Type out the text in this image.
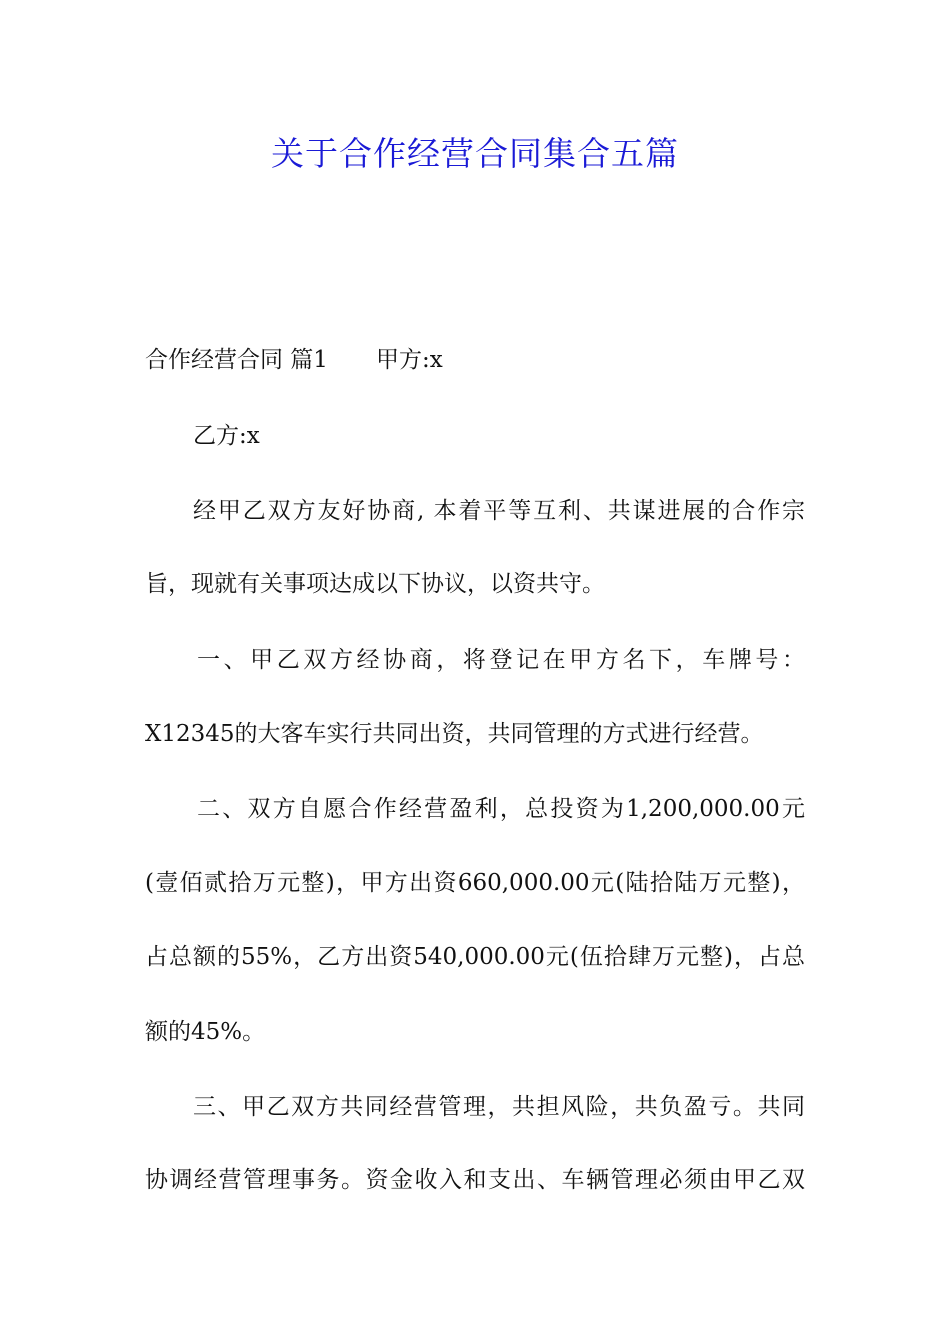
关于合作经营合同集合五篇
合作经营合同 篇1 甲方:x
乙方:x
经甲乙双方友好协商, 本着平等互利、共谋进展的合作宗
旨，现就有关事项达成以下协议，以资共守。
一、甲乙双方经协商，将登记在甲方名下，车牌号：
X12345的大客车实行共同出资，共同管理的方式进行经营。
二、双方自愿合作经营盈利，总投资为1,200,000.00元
(壹佰贰拾万元整)，甲方出资660,000.00元(陆拾陆万元整)，
占总额的55%，乙方出资540,000.00元(伍拾肆万元整)，占总
额的45%。
三、甲乙双方共同经营管理，共担风险，共负盈亏。共同
协调经营管理事务。资金收入和支出、车辆管理必须由甲乙双
